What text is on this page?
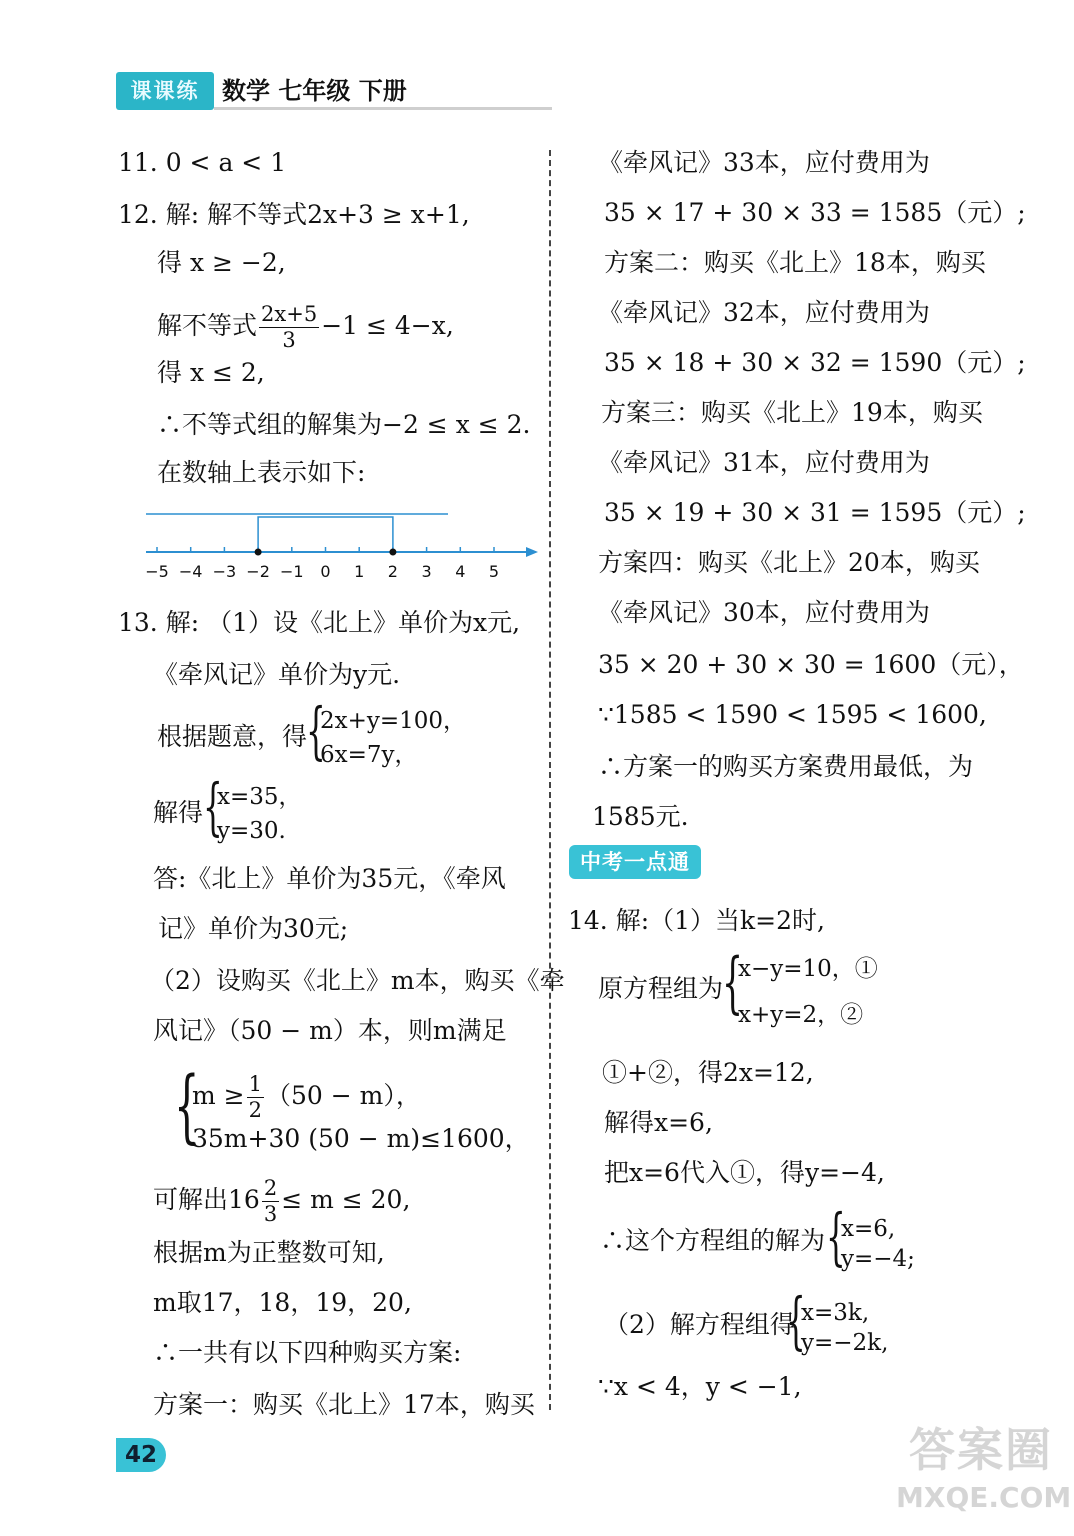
课课练 数学 七年级 下册
11. 0 < a < 1
12. 解: 解不等式2x+3 ≥ x+1,
得 x ≥ −2,
解不等式 $\frac{2x+5}{3} -1 \le 4-x$,
得 x ≤ 2,
∴不等式组的解集为−2 ≤ x ≤ 2.
在数轴上表示如下:
−5 −4 −3 −2 −1 0 1 2 3 4 5
13. 解: （1）设《北上》单价为x元,
《牵风记》单价为y元.
根据题意，得
{
2x+y=100，
6x=7y，
解得 {
x=35，
y=30.
答:《北上》单价为35元，《牵风
记》单价为30元;
（2）设购买《北上》m本，购买《牵
风记》（50 − m）本，则m满足
{
$m \ge \frac{1}{2} (50 - m)$，
35m+30 (50 − m)≤1600，
可解出$16 \frac{2}{3} \le m \le 20$,
根据m为正整数可知,
m取17，18，19，20,
∴一共有以下四种购买方案:
方案一：购买《北上》17本，购买
《牵风记》33本，应付费用为
35 × 17 + 30 × 33 = 1585（元）;
方案二：购买《北上》18本，购买
《牵风记》32本，应付费用为
35 × 18 + 30 × 32 = 1590（元）;
方案三：购买《北上》19本，购买
《牵风记》31本，应付费用为
35 × 19 + 30 × 31 = 1595（元）;
方案四：购买《北上》20本，购买
《牵风记》30本，应付费用为
35 × 20 + 30 × 30 = 1600（元），
∵1585 < 1590 < 1595 < 1600,
∴方案一的购买方案费用最低，为
1585元.
中考一点通
14. 解:（1）当k=2时,
原方程组为
{
x−y=10，①
x+y=2，②
①+②，得2x=12,
解得x=6,
把x=6代入①，得y=−4,
∴这个方程组的解为 {
x=6,
y=−4;
（2）解方程组得
{
x=3k,
y=−2k,
∵x < 4，y < −1,
42	答案圈
MXQE.COM
